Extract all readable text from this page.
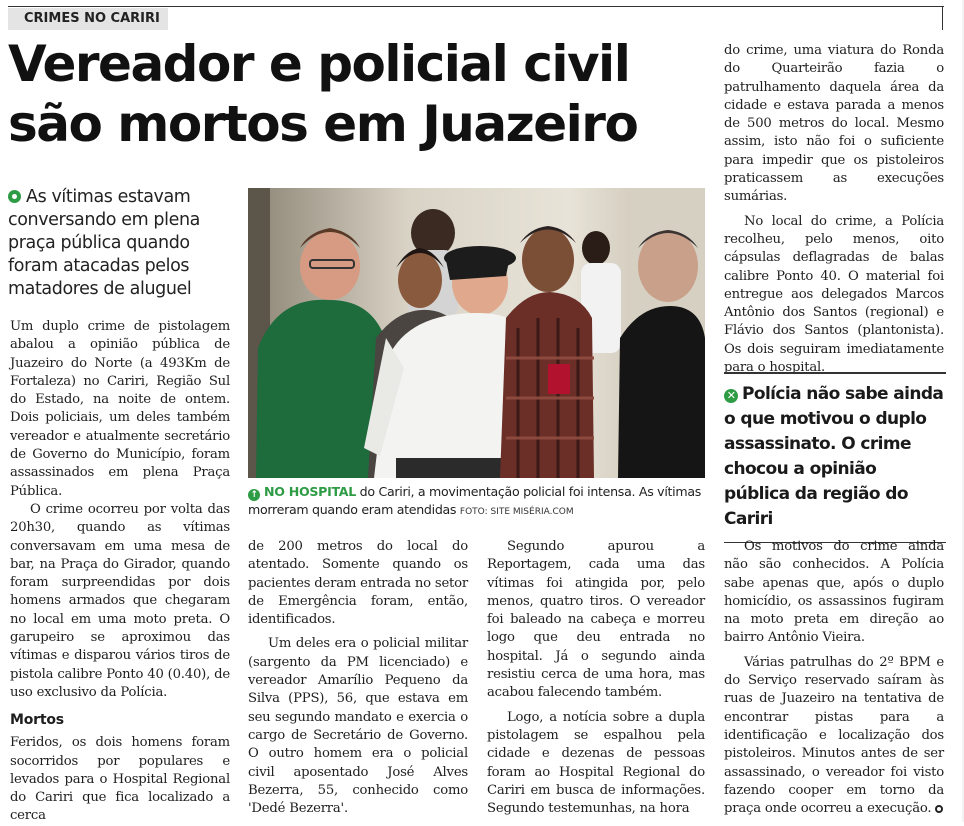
CRIMES NO CARIRI
Vereador e policial civil
são mortos em Juazeiro
As vítimas estavam conversando em plena praça pública quando foram atacadas pelos matadores de aluguel

Um duplo crime de pistolagem abalou a opinião pública de Juazeiro do Norte (a 493Km de Fortaleza) no Cariri, Região Sul do Estado, na noite de ontem. Dois policiais, um deles também vereador e atualmente secretário de Governo do Município, foram assassinados em plena Praça Pública.

O crime ocorreu por volta das 20h30, quando as vítimas conversavam em uma mesa de bar, na Praça do Girador, quando foram surpreendidas por dois homens armados que chegaram no local em uma moto preta. O garupeiro se aproximou das vítimas e disparou vários tiros de pistola calibre Ponto 40 (0.40), de uso exclusivo da Polícia.

Mortos

Feridos, os dois homens foram socorridos por populares e levados para o Hospital Regional do Cariri que fica localizado a cerca

↑ NO HOSPITAL do Cariri, a movimentação policial foi intensa. As vítimas morreram quando eram atendidas FOTO: SITE MISÉRIA.COM

de 200 metros do local do atentado. Somente quando os pacientes deram entrada no setor de Emergência foram, então, identificados.

Um deles era o policial militar (sargento da PM licenciado) e vereador Amarílio Pequeno da Silva (PPS), 56, que estava em seu segundo mandato e exercia o cargo de Secretário de Governo. O outro homem era o policial civil aposentado José Alves Bezerra, 55, conhecido como 'Dedé Bezerra'.

Segundo apurou a Reportagem, cada uma das vítimas foi atingida por, pelo menos, quatro tiros. O vereador foi baleado na cabeça e morreu logo que deu entrada no hospital. Já o segundo ainda resistiu cerca de uma hora, mas acabou falecendo também.

Logo, a notícia sobre a dupla pistolagem se espalhou pela cidade e dezenas de pessoas foram ao Hospital Regional do Cariri em busca de informações. Segundo testemunhas, na hora

do crime, uma viatura do Ronda do Quarteirão fazia o patrulhamento daquela área da cidade e estava parada a menos de 500 metros do local. Mesmo assim, isto não foi o suficiente para impedir que os pistoleiros praticassem as execuções sumárias.

No local do crime, a Polícia recolheu, pelo menos, oito cápsulas deflagradas de balas calibre Ponto 40. O material foi entregue aos delegados Marcos Antônio dos Santos (regional) e Flávio dos Santos (plantonista). Os dois seguiram imediatamente para o hospital.

✕ Polícia não sabe ainda o que motivou o duplo assassinato. O crime chocou a opinião pública da região do Cariri

Os motivos do crime ainda não são conhecidos. A Polícia sabe apenas que, após o duplo homicídio, os assassinos fugiram na moto preta em direção ao bairro Antônio Vieira.

Várias patrulhas do 2º BPM e do Serviço reservado saíram às ruas de Juazeiro na tentativa de encontrar pistas para a identificação e localização dos pistoleiros. Minutos antes de ser assassinado, o vereador foi visto fazendo cooper em torno da praça onde ocorreu a execução.
